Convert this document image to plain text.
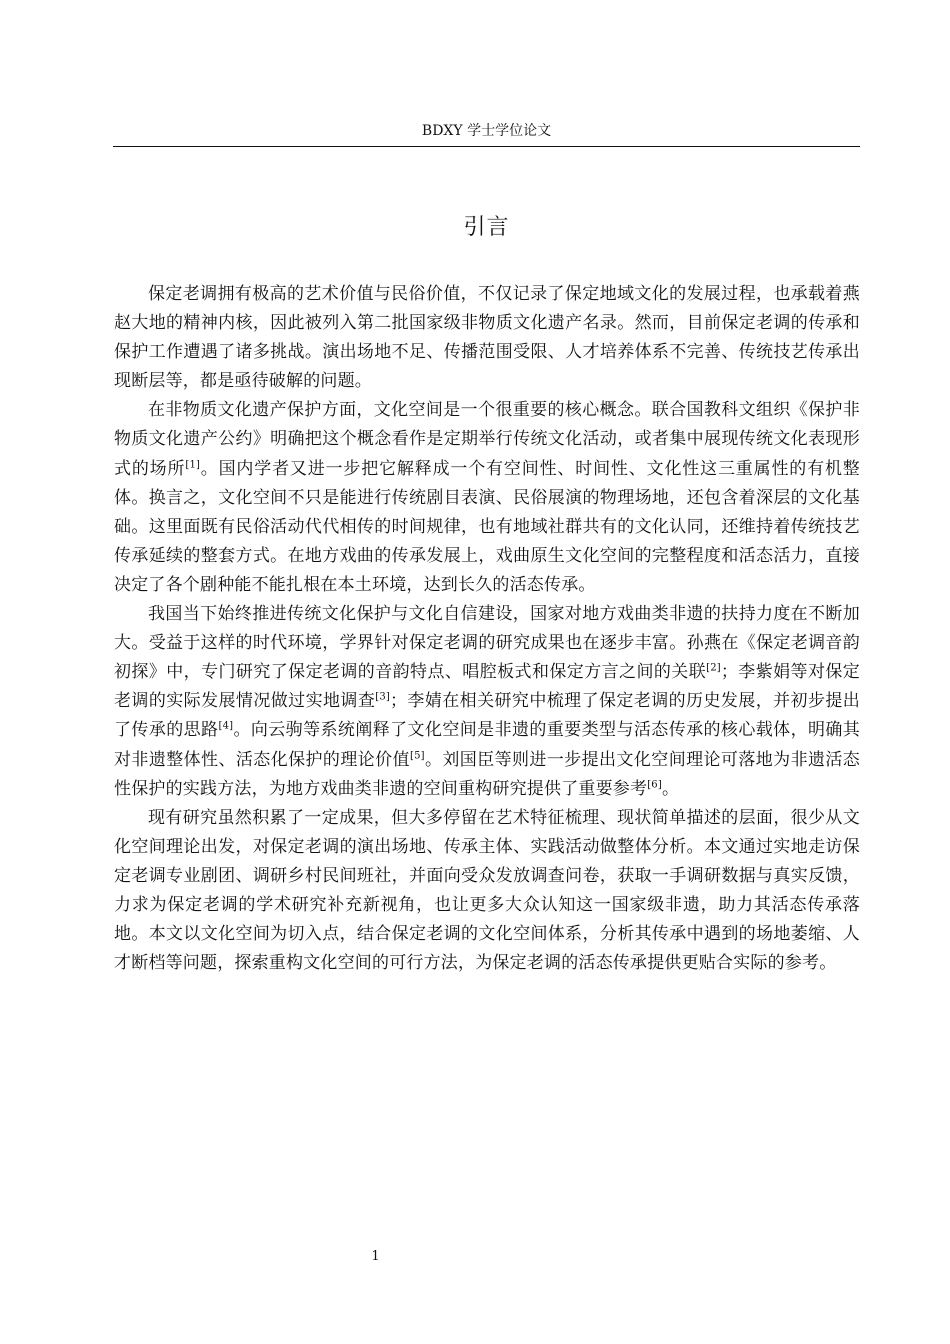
BDXY 学士学位论文
引言

保定老调拥有极高的艺术价值与民俗价值，不仅记录了保定地域文化的发展过程，也承载着燕赵大地的精神内核，因此被列入第二批国家级非物质文化遗产名录。然而，目前保定老调的传承和保护工作遭遇了诸多挑战。演出场地不足、传播范围受限、人才培养体系不完善、传统技艺传承出现断层等，都是亟待破解的问题。

在非物质文化遗产保护方面，文化空间是一个很重要的核心概念。联合国教科文组织《保护非物质文化遗产公约》明确把这个概念看作是定期举行传统文化活动，或者集中展现传统文化表现形式的场所[1]。国内学者又进一步把它解释成一个有空间性、时间性、文化性这三重属性的有机整体。换言之，文化空间不只是能进行传统剧目表演、民俗展演的物理场地，还包含着深层的文化基础。这里面既有民俗活动代代相传的时间规律，也有地域社群共有的文化认同，还维持着传统技艺传承延续的整套方式。在地方戏曲的传承发展上，戏曲原生文化空间的完整程度和活态活力，直接决定了各个剧种能不能扎根在本土环境，达到长久的活态传承。

我国当下始终推进传统文化保护与文化自信建设，国家对地方戏曲类非遗的扶持力度在不断加大。受益于这样的时代环境，学界针对保定老调的研究成果也在逐步丰富。孙燕在《保定老调音韵初探》中，专门研究了保定老调的音韵特点、唱腔板式和保定方言之间的关联[2]；李紫娟等对保定老调的实际发展情况做过实地调查[3]；李婧在相关研究中梳理了保定老调的历史发展，并初步提出了传承的思路[4]。向云驹等系统阐释了文化空间是非遗的重要类型与活态传承的核心载体，明确其对非遗整体性、活态化保护的理论价值[5]。刘国臣等则进一步提出文化空间理论可落地为非遗活态性保护的实践方法，为地方戏曲类非遗的空间重构研究提供了重要参考[6]。

现有研究虽然积累了一定成果，但大多停留在艺术特征梳理、现状简单描述的层面，很少从文化空间理论出发，对保定老调的演出场地、传承主体、实践活动做整体分析。本文通过实地走访保定老调专业剧团、调研乡村民间班社，并面向受众发放调查问卷，获取一手调研数据与真实反馈，力求为保定老调的学术研究补充新视角，也让更多大众认知这一国家级非遗，助力其活态传承落地。本文以文化空间为切入点，结合保定老调的文化空间体系，分析其传承中遇到的场地萎缩、人才断档等问题，探索重构文化空间的可行方法，为保定老调的活态传承提供更贴合实际的参考。

1
